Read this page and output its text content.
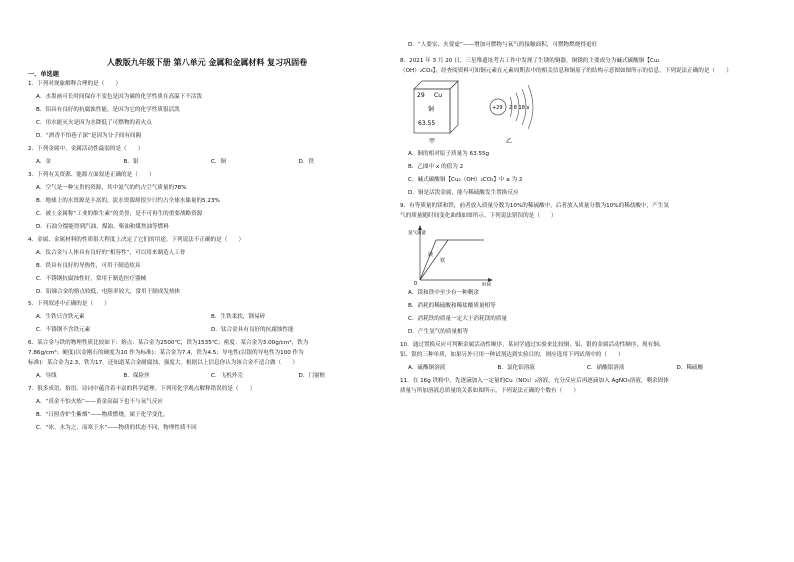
人教版九年级下册 第八单元 金属和金属材料 复习巩固卷
一、单选题
1．下列对现象解释合理的是（　　）
A．水墨画可长时间保存不变色是因为碳的化学性质在高温下不活泼
B．铝具有良好的抗腐蚀性能，是因为它的化学性质很活泼
C．用水能灭火是因为水降低了可燃物的着火点
D．“酒香不怕巷子深”是因为分子间有间隔
2．下列金属中，金属活动性最弱的是（　　）
A．金	B．银	C．铜	D．铁
3．下列有关资源、能源方面叙述正确的是（　　）
A．空气是一种宝贵的资源，其中氮气的约占空气质量的78%
B．地球上的水资源是丰富的，淡水资源却很少只约占全球水储量的5.23%
C．被土金属称“工业的维生素”的美誉，是不可再生的重要战略资源
D．石油分馏能得到汽油、煤油、柴油和煤焦油等燃料
4．金属、金属材料的性质很大程度上决定了它们的用途。下列说法不正确的是（　　）
A．钛合金与人体具有良好的“相容性”，可以用来制造人工骨
B．铁具有良好的导热性，可用于制造炊具
C．不锈钢抗腐蚀性好，常用于制造医疗器械
D．铅锑合金的熔点较低，电阻率较大，常用于制成发热体
5．下列叙述中正确的是（　　）
A．生铁只含铁元素	B．生铁柔软，钢易碎
C．不锈钢不含铁元素	D．钛合金具有良好的抗腐蚀性能
6．某合金与铁的物理性质比较如下：熔点：某合金为2500℃，铁为1535℃；密度：某合金为3.00g/cm³，铁为
7.86g/cm³；硬度(以金刚石的硬度为10 作为标准)：某合金为7.4，铁为4.5；导电性(以银的导电性为100 作为
标准)：某合金为2.3，铁为17。还知道某合金耐腐蚀、强度大。根据以上信息你认为该合金不适合做（　　）
A．导线	B．保险丝	C．飞机外壳	D．门窗框
7．很多成语、俗语、诗词中蕴含着丰富的科学道理。下列用化学观点解释错误的是（　　）
A．“真金不怕火炼”——黄金高温下也不与氧气反应
B．“日照香炉生紫烟”——物质燃烧，属于化学变化。
C．“冰，水为之，而寒于水”——物质的状态不同，物理性质不同
D．“人要实，火要虚”——增加可燃物与氧气的接触面积，可燃物燃烧得更旺
8．2021 年 3 月 20 日，三星堆遗址考古工作中发现了生锈的铜器，铜锈的主要成分为碱式碳酸铜【Cu₂
（OH）₂CO₃】，经查阅资料可知铜元素在元素周期表中的相关信息和铜原子的结构示意图如图所示的信息，下列说法正确的是（　　）
29 Cu
铜
63.55
+29 2 8 18 x
甲	乙
A．铜的相对原子质量为 63.55g
B．乙图中 x 的值为 2
C．碱式碳酸铜【Cu₂（OH）₂CO₃】中 a 为 2
D．铜是活泼金属，能与稀硫酸发生置换反应
9．有等质量的镁和铁，前者放入质量分数为10%的稀硫酸中，后者放入质量分数为10%的稀盐酸中，产生氢
气的质量随时间变化曲线如图所示。下列说法错误的是（　　）
氢气质量
时间
0
镁
铁
A．镁和铁中至少有一种剩余
B．消耗的稀硫酸和稀盐酸质量相等
C．消耗铁的质量一定大于消耗镁的质量
D．产生氢气的质量相等
10．通过置换反应可判断金属活动性顺序，某同学通过实验来比较铜、铝、银的金属活动性顺序，现有铜、
铝、银的三种单质，如果另外只用一种试剂达到实验目的，则应选用下列试剂中的（　　）
A．硫酸铜溶液	B．氯化铝溶液	C．硝酸银溶液	D．稀硫酸
11．在 16g 铁粉中，先逐滴加入一定量的Cu（NO₃）₂溶液，充分反应后再逐滴加入 AgNO₃溶液，剩余固体
质量与所加溶液总质量的关系如图所示，下列说法正确的个数有（　　）
